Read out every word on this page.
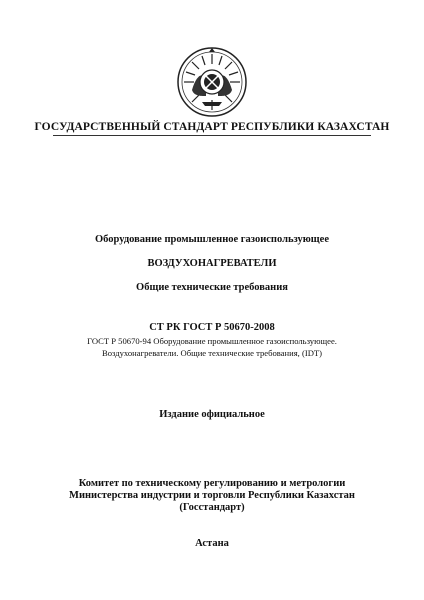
ГОСУДАРСТВЕННЫЙ СТАНДАРТ РЕСПУБЛИКИ КАЗАХСТАН
Оборудование промышленное газоиспользующее
ВОЗДУХОНАГРЕВАТЕЛИ
Общие технические требования
СТ РК ГОСТ Р 50670-2008
ГОСТ Р 50670-94 Оборудование промышленное газоиспользующее.
Воздухонагреватели. Общие технические требования, (IDT)
Издание официальное
Комитет по техническому регулированию и метрологии
Министерства индустрии и торговли Республики Казахстан
(Госстандарт)
Астана
